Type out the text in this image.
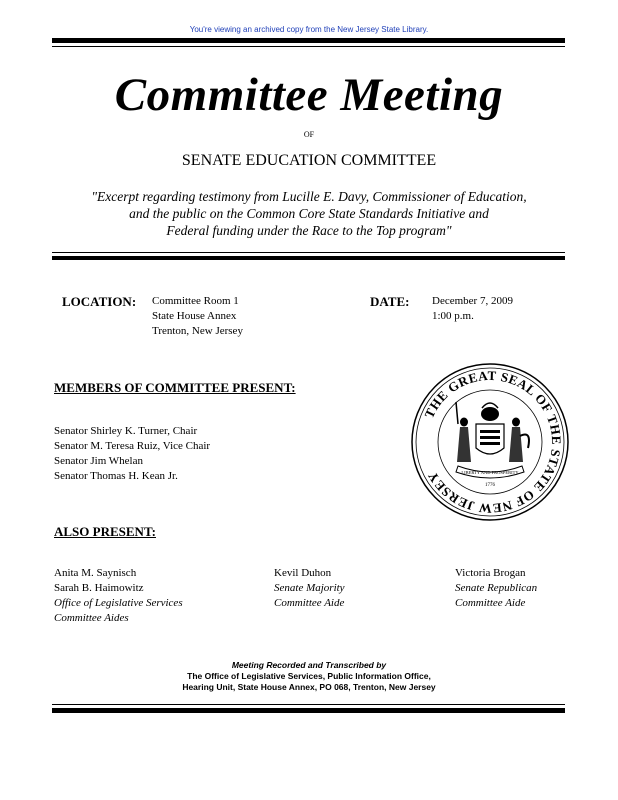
You're viewing an archived copy from the New Jersey State Library.
Committee Meeting
OF
SENATE EDUCATION COMMITTEE
"Excerpt regarding testimony from Lucille E. Davy, Commissioner of Education,
and the public on the Common Core State Standards Initiative and
Federal funding under the Race to the Top program"
LOCATION: Committee Room 1
State House Annex
Trenton, New Jersey
DATE: December 7, 2009
1:00 p.m.
MEMBERS OF COMMITTEE PRESENT:
Senator Shirley K. Turner, Chair
Senator M. Teresa Ruiz, Vice Chair
Senator Jim Whelan
Senator Thomas H. Kean Jr.
THE GREAT SEAL OF THE STATE OF NEW JERSEY	LIBERTY AND PROSPERITY
1776
ALSO PRESENT:
Anita M. Saynisch
Sarah B. Haimowitz
Office of Legislative Services
Committee Aides
Kevil Duhon
Senate Majority
Committee Aide
Victoria Brogan
Senate Republican
Committee Aide
Meeting Recorded and Transcribed by
The Office of Legislative Services, Public Information Office,
Hearing Unit, State House Annex, PO 068, Trenton, New Jersey
